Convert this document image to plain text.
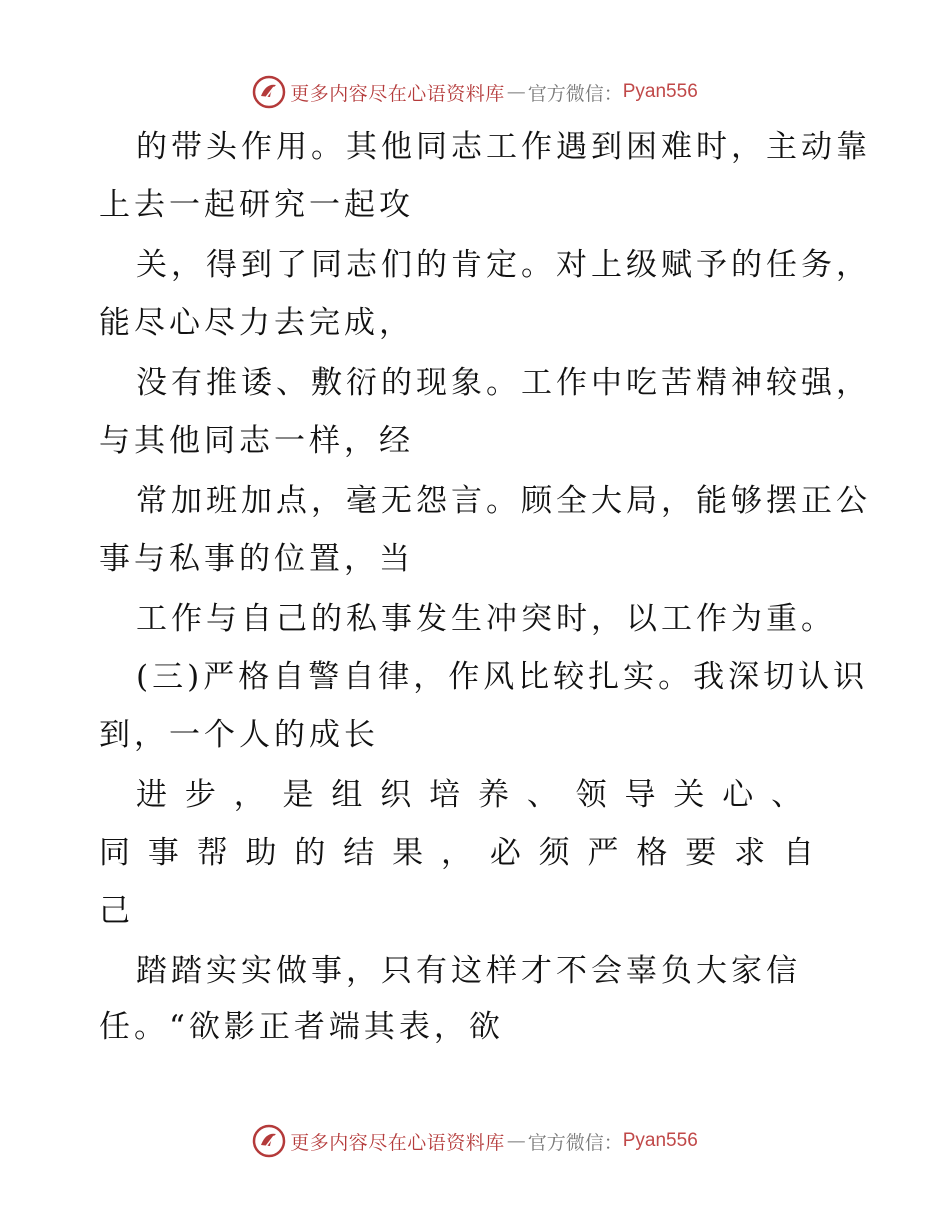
更多内容尽在心语资料库 — 官方微信： Pyan556
的带头作用。其他同志工作遇到困难时，主动靠
上去一起研究一起攻
关，得到了同志们的肯定。对上级赋予的任务，
能尽心尽力去完成，
没有推诿、敷衍的现象。工作中吃苦精神较强，
与其他同志一样，经
常加班加点，毫无怨言。顾全大局，能够摆正公
事与私事的位置，当
工作与自己的私事发生冲突时，以工作为重。
(三)严格自警自律，作风比较扎实。我深切认识
到，一个人的成长
进 步 ， 是 组 织 培 养 、 领 导 关 心 、
同 事 帮 助 的 结 果 ， 必 须 严 格 要 求 自
己
踏踏实实做事，只有这样才不会辜负大家信
任。“欲影正者端其表，欲
更多内容尽在心语资料库 — 官方微信： Pyan556
